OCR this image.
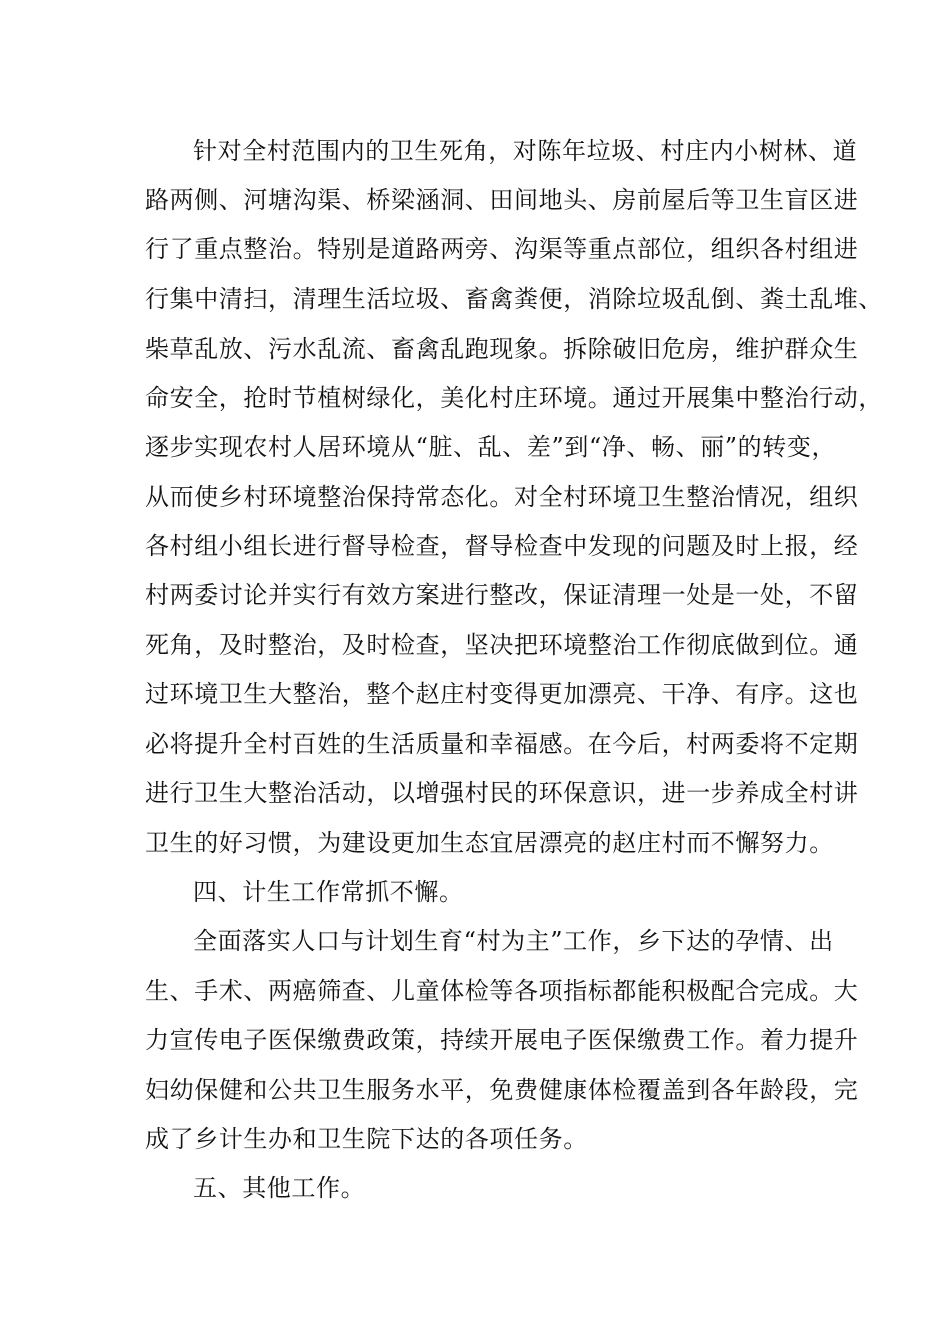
针对全村范围内的卫生死角，对陈年垃圾、村庄内小树林、道
路两侧、河塘沟渠、桥梁涵洞、田间地头、房前屋后等卫生盲区进
行了重点整治。特别是道路两旁、沟渠等重点部位，组织各村组进
行集中清扫，清理生活垃圾、畜禽粪便，消除垃圾乱倒、粪土乱堆、
柴草乱放、污水乱流、畜禽乱跑现象。拆除破旧危房，维护群众生
命安全，抢时节植树绿化，美化村庄环境。通过开展集中整治行动，
逐步实现农村人居环境从“脏、乱、差”到“净、畅、丽”的转变，
从而使乡村环境整治保持常态化。对全村环境卫生整治情况，组织
各村组小组长进行督导检查，督导检查中发现的问题及时上报，经
村两委讨论并实行有效方案进行整改，保证清理一处是一处，不留
死角，及时整治，及时检查，坚决把环境整治工作彻底做到位。通
过环境卫生大整治，整个赵庄村变得更加漂亮、干净、有序。这也
必将提升全村百姓的生活质量和幸福感。在今后，村两委将不定期
进行卫生大整治活动，以增强村民的环保意识，进一步养成全村讲
卫生的好习惯，为建设更加生态宜居漂亮的赵庄村而不懈努力。
四、计生工作常抓不懈。
全面落实人口与计划生育“村为主”工作，乡下达的孕情、出
生、手术、两癌筛查、儿童体检等各项指标都能积极配合完成。大
力宣传电子医保缴费政策，持续开展电子医保缴费工作。着力提升
妇幼保健和公共卫生服务水平，免费健康体检覆盖到各年龄段，完
成了乡计生办和卫生院下达的各项任务。
五、其他工作。
